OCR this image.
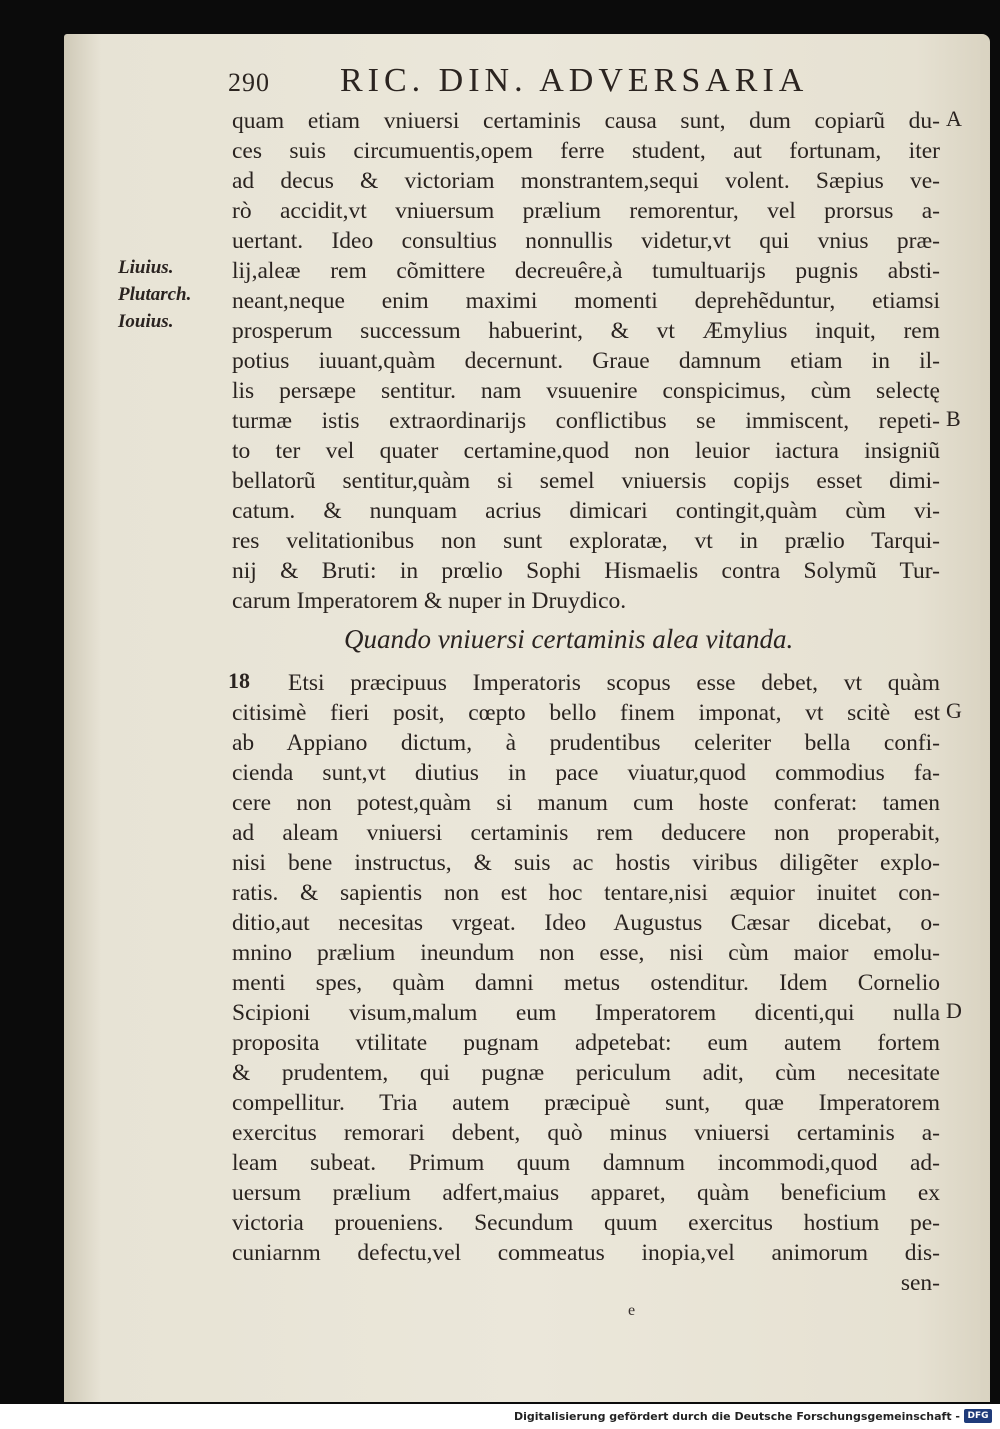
290 RIC. DIN. ADVERSARIA
Liuius.
Plutarch.
Iouius.
A
B
G
D
quam etiam vniuersi certaminis causa sunt, dum copiarũ du-
ces suis circumuentis,opem ferre student, aut fortunam, iter
ad decus & victoriam monstrantem,sequi volent. Sæpius ve-
rò accidit,vt vniuersum prælium remorentur, vel prorsus a-
uertant. Ideo consultius nonnullis videtur,vt qui vnius præ-
lij,aleæ rem cõmittere decreuêre,à tumultuarijs pugnis absti-
neant,neque enim maximi momenti deprehẽduntur, etiamsi
prosperum successum habuerint, & vt Æmylius inquit, rem
potius iuuant,quàm decernunt. Graue damnum etiam in il-
lis persæpe sentitur. nam vsuuenire conspicimus, cùm selectę
turmæ istis extraordinarijs conflictibus se immiscent, repeti-
to ter vel quater certamine,quod non leuior iactura insigniũ
bellatorũ sentitur,quàm si semel vniuersis copijs esset dimi-
catum. & nunquam acrius dimicari contingit,quàm cùm vi-
res velitationibus non sunt exploratæ, vt in prælio Tarqui-
nij & Bruti: in prœlio Sophi Hismaelis contra Solymũ Tur-
carum Imperatorem & nuper in Druydico.
Quando vniuersi certaminis alea vitanda.
18 Etsi præcipuus Imperatoris scopus esse debet, vt quàm
citisimè fieri posit, cœpto bello finem imponat, vt scitè est
ab Appiano dictum, à prudentibus celeriter bella confi-
cienda sunt,vt diutius in pace viuatur,quod commodius fa-
cere non potest,quàm si manum cum hoste conferat: tamen
ad aleam vniuersi certaminis rem deducere non properabit,
nisi bene instructus, & suis ac hostis viribus diligẽter explo-
ratis. & sapientis non est hoc tentare,nisi æquior inuitet con-
ditio,aut necesitas vrgeat. Ideo Augustus Cæsar dicebat, o-
mnino prælium ineundum non esse, nisi cùm maior emolu-
menti spes, quàm damni metus ostenditur. Idem Cornelio
Scipioni visum,malum eum Imperatorem dicenti,qui nulla
proposita vtilitate pugnam adpetebat: eum autem fortem
& prudentem, qui pugnæ periculum adit, cùm necesitate
compellitur. Tria autem præcipuè sunt, quæ Imperatorem
exercitus remorari debent, quò minus vniuersi certaminis a-
leam subeat. Primum quum damnum incommodi,quod ad-
uersum prælium adfert,maius apparet, quàm beneficium ex
victoria proueniens. Secundum quum exercitus hostium pe-
cuniarnm defectu,vel commeatus inopia,vel animorum dis-
sen-
e
Digitalisierung gefördert durch die Deutsche Forschungsgemeinschaft - DFG
